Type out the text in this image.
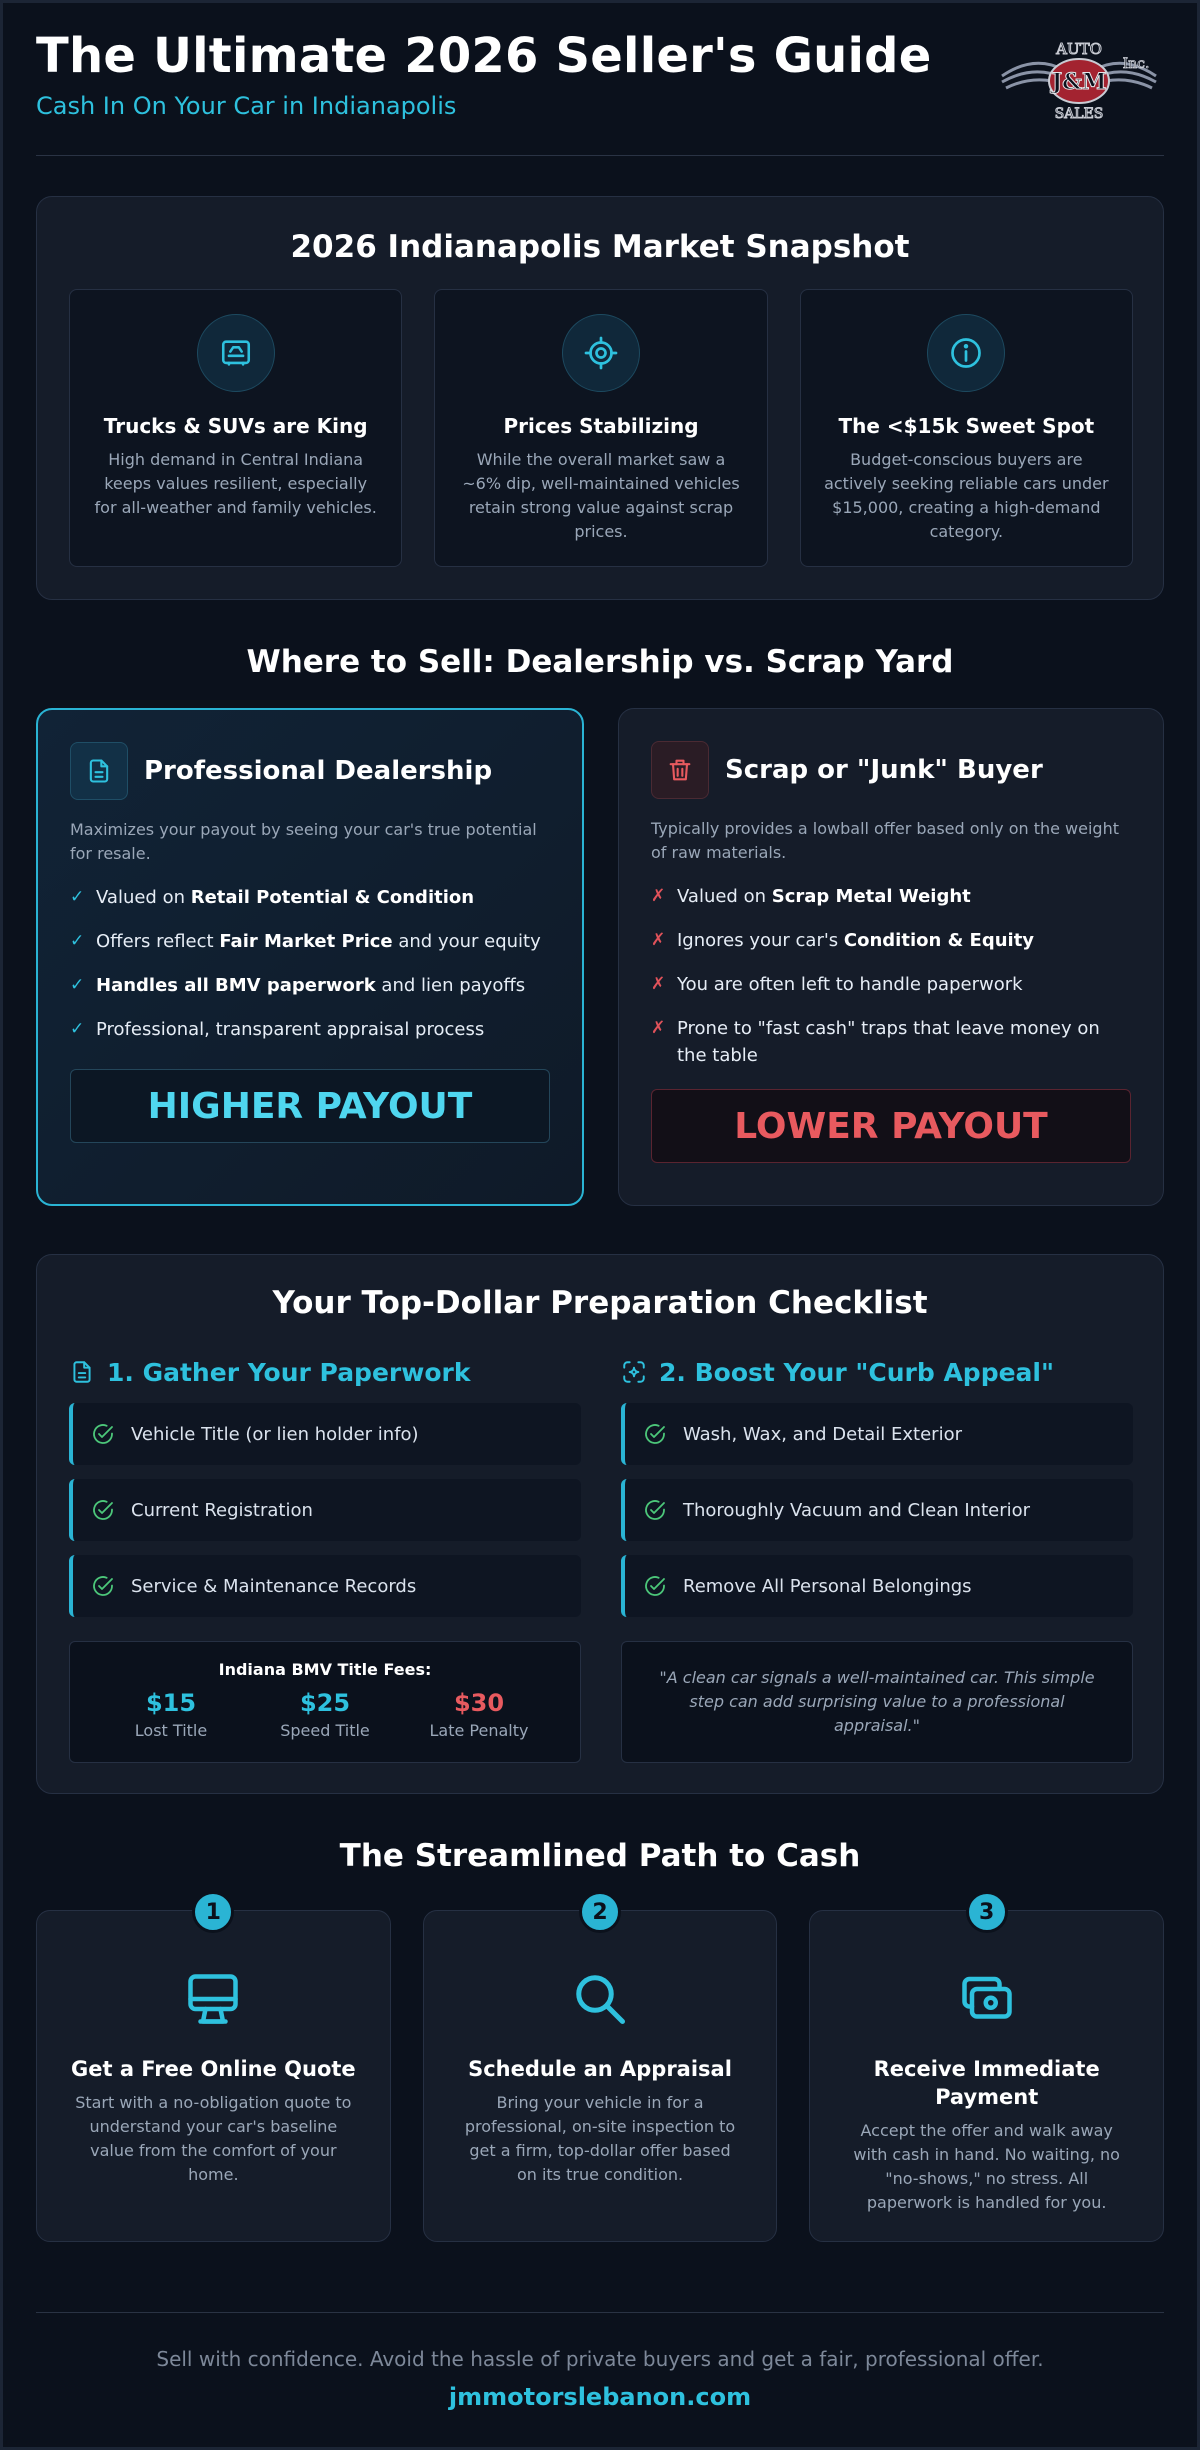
The Ultimate 2026 Seller's Guide
Cash In On Your Car in Indianapolis
AUTO
J&M
Inc.
SALES
2026 Indianapolis Market Snapshot
Trucks & SUVs are King

High demand in Central Indiana keeps values resilient, especially for all-weather and family vehicles.

Prices Stabilizing

While the overall market saw a ~6% dip, well-maintained vehicles retain strong value against scrap prices.

The <$15k Sweet Spot

Budget-conscious buyers are actively seeking reliable cars under $15,000, creating a high-demand category.

Where to Sell: Dealership vs. Scrap Yard
Professional Dealership

Maximizes your payout by seeing your car's true potential for resale.

✓ Valued on Retail Potential & Condition
✓ Offers reflect Fair Market Price and your equity
✓ Handles all BMV paperwork and lien payoffs
✓ Professional, transparent appraisal process
HIGHER PAYOUT
Scrap or "Junk" Buyer

Typically provides a lowball offer based only on the weight of raw materials.

✗ Valued on Scrap Metal Weight
✗ Ignores your car's Condition & Equity
✗ You are often left to handle paperwork
✗ Prone to "fast cash" traps that leave money on the table
LOWER PAYOUT
Your Top-Dollar Preparation Checklist
1. Gather Your Paperwork
Vehicle Title (or lien holder info)
Current Registration
Service & Maintenance Records
Indiana BMV Title Fees:
$15
Lost Title
$25
Speed Title
$30
Late Penalty
2. Boost Your "Curb Appeal"
Wash, Wax, and Detail Exterior
Thoroughly Vacuum and Clean Interior
Remove All Personal Belongings
"A clean car signals a well-maintained car. This simple step can add surprising value to a professional appraisal."
The Streamlined Path to Cash
1
Get a Free Online Quote

Start with a no-obligation quote to understand your car's baseline value from the comfort of your home.

2
Schedule an Appraisal

Bring your vehicle in for a professional, on-site inspection to get a firm, top-dollar offer based on its true condition.

3
Receive Immediate Payment

Accept the offer and walk away with cash in hand. No waiting, no "no-shows," no stress. All paperwork is handled for you.

Sell with confidence. Avoid the hassle of private buyers and get a fair, professional offer.
jmmotorslebanon.com
